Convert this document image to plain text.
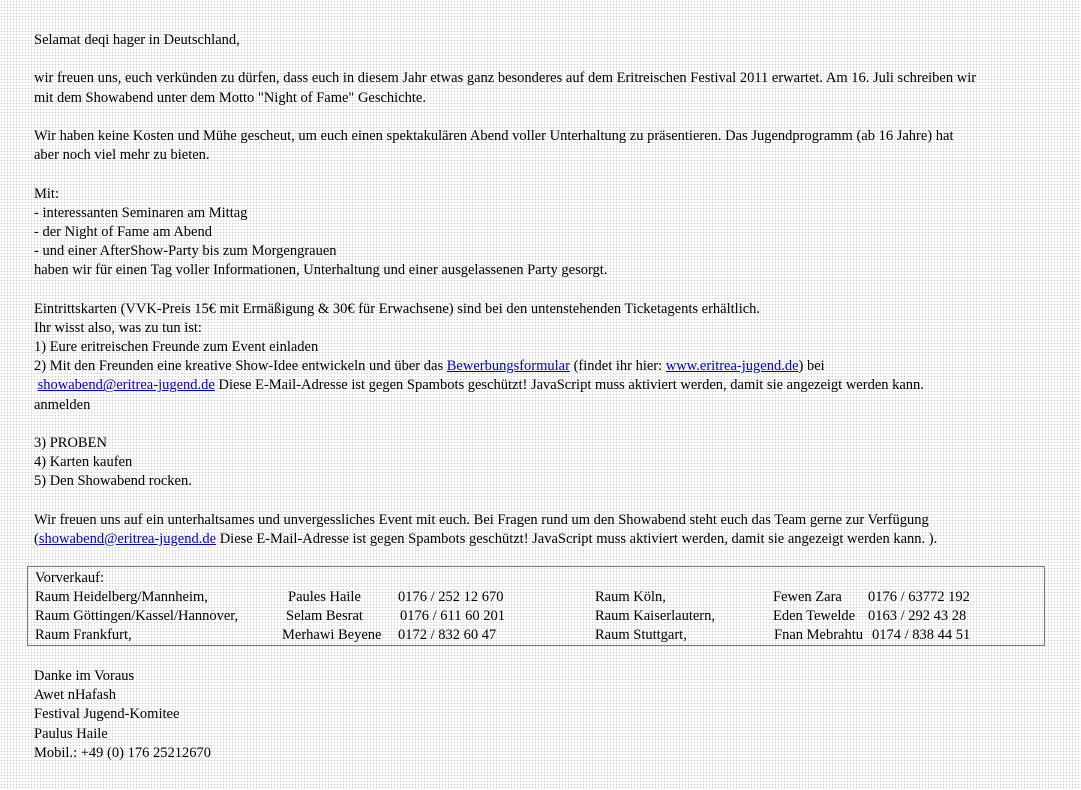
Selamat deqi hager in Deutschland,
wir freuen uns, euch verkünden zu dürfen, dass euch in diesem Jahr etwas ganz besonderes auf dem Eritreischen Festival 2011 erwartet. Am 16. Juli schreiben wir
mit dem Showabend unter dem Motto "Night of Fame" Geschichte.
Wir haben keine Kosten und Mühe gescheut, um euch einen spektakulären Abend voller Unterhaltung zu präsentieren. Das Jugendprogramm (ab 16 Jahre) hat
aber noch viel mehr zu bieten.
Mit:
- interessanten Seminaren am Mittag
- der Night of Fame am Abend
- und einer AfterShow-Party bis zum Morgengrauen
haben wir für einen Tag voller Informationen, Unterhaltung und einer ausgelassenen Party gesorgt.
Eintrittskarten (VVK-Preis 15€ mit Ermäßigung & 30€ für Erwachsene) sind bei den untenstehenden Ticketagents erhältlich.
Ihr wisst also, was zu tun ist:
1) Eure eritreischen Freunde zum Event einladen
2) Mit den Freunden eine kreative Show-Idee entwickeln und über das Bewerbungsformular (findet ihr hier: www.eritrea-jugend.de) bei
showabend@eritrea-jugend.de Diese E-Mail-Adresse ist gegen Spambots geschützt! JavaScript muss aktiviert werden, damit sie angezeigt werden kann.
anmelden
3) PROBEN
4) Karten kaufen
5) Den Showabend rocken.
Wir freuen uns auf ein unterhaltsames und unvergessliches Event mit euch. Bei Fragen rund um den Showabend steht euch das Team gerne zur Verfügung
(showabend@eritrea-jugend.de Diese E-Mail-Adresse ist gegen Spambots geschützt! JavaScript muss aktiviert werden, damit sie angezeigt werden kann. ).
Vorverkauf:
Raum Heidelberg/Mannheim,	Paules Haile	0176 / 252 12 670	Raum Köln,	Fewen Zara 0176 / 63772 192
Raum Göttingen/Kassel/Hannover,	Selam Besrat	0176 / 611 60 201	Raum Kaiserlautern,	Eden Tewelde 0163 / 292 43 28
Raum Frankfurt,	Merhawi Beyene 0172 / 832 60 47	Raum Stuttgart,	Fnan Mebrahtu 0174 / 838 44 51
Danke im Voraus
Awet nHafash
Festival Jugend-Komitee
Paulus Haile
Mobil.: +49 (0) 176 25212670
